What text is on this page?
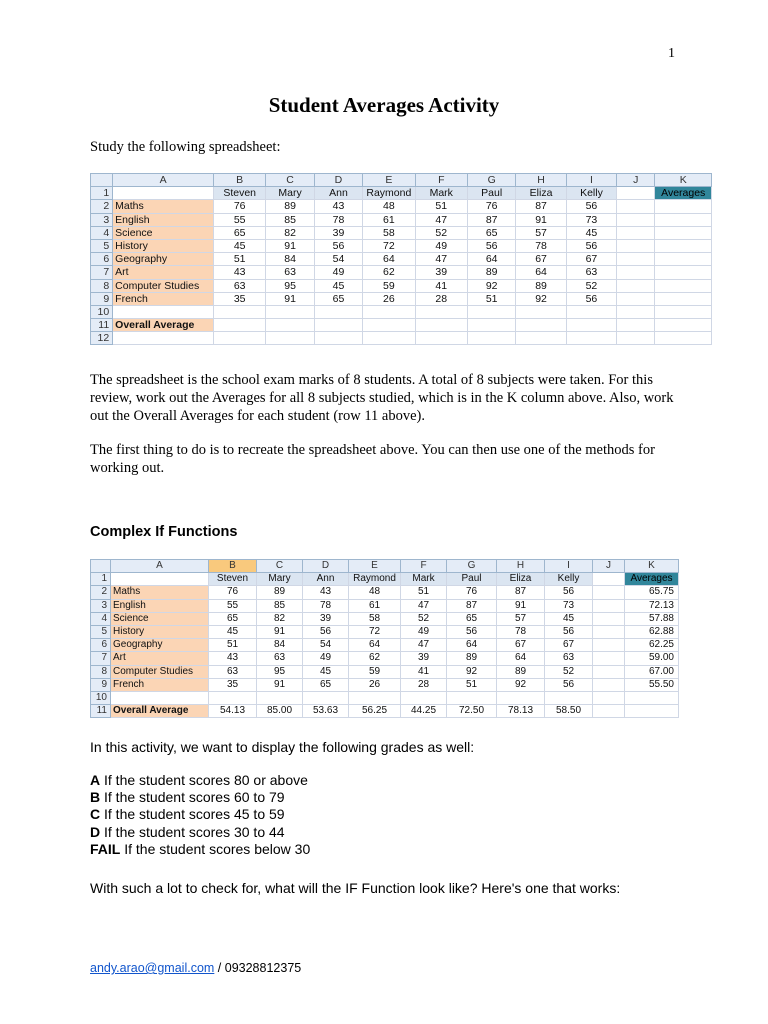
1
Student Averages Activity
Study the following spreadsheet:
	A	B	C	D	E	F	G	H	I	J	K
1		Steven	Mary	Ann	Raymond	Mark	Paul	Eliza	Kelly		Averages
2	Maths	76	89	43	48	51	76	87	56		
3	English	55	85	78	61	47	87	91	73		
4	Science	65	82	39	58	52	65	57	45		
5	History	45	91	56	72	49	56	78	56		
6	Geography	51	84	54	64	47	64	67	67		
7	Art	43	63	49	62	39	89	64	63		
8	Computer Studies	63	95	45	59	41	92	89	52		
9	French	35	91	65	26	28	51	92	56		
10											
11	Overall Average										
12											
The spreadsheet is the school exam marks of 8 students. A total of 8 subjects were taken. For this review, work out the Averages for all 8 subjects studied, which is in the K column above. Also, work out the Overall Averages for each student (row 11 above).
The first thing to do is to recreate the spreadsheet above. You can then use one of the methods for working out.
Complex If Functions
	A	B	C	D	E	F	G	H	I	J	K
1		Steven	Mary	Ann	Raymond	Mark	Paul	Eliza	Kelly		Averages
2	Maths	76	89	43	48	51	76	87	56		65.75
3	English	55	85	78	61	47	87	91	73		72.13
4	Science	65	82	39	58	52	65	57	45		57.88
5	History	45	91	56	72	49	56	78	56		62.88
6	Geography	51	84	54	64	47	64	67	67		62.25
7	Art	43	63	49	62	39	89	64	63		59.00
8	Computer Studies	63	95	45	59	41	92	89	52		67.00
9	French	35	91	65	26	28	51	92	56		55.50
10											
11	Overall Average	54.13	85.00	53.63	56.25	44.25	72.50	78.13	58.50		
In this activity, we want to display the following grades as well:
A If the student scores 80 or above
B If the student scores 60 to 79
C If the student scores 45 to 59
D If the student scores 30 to 44
FAIL If the student scores below 30
With such a lot to check for, what will the IF Function look like? Here's one that works:
andy.arao@gmail.com / 09328812375
